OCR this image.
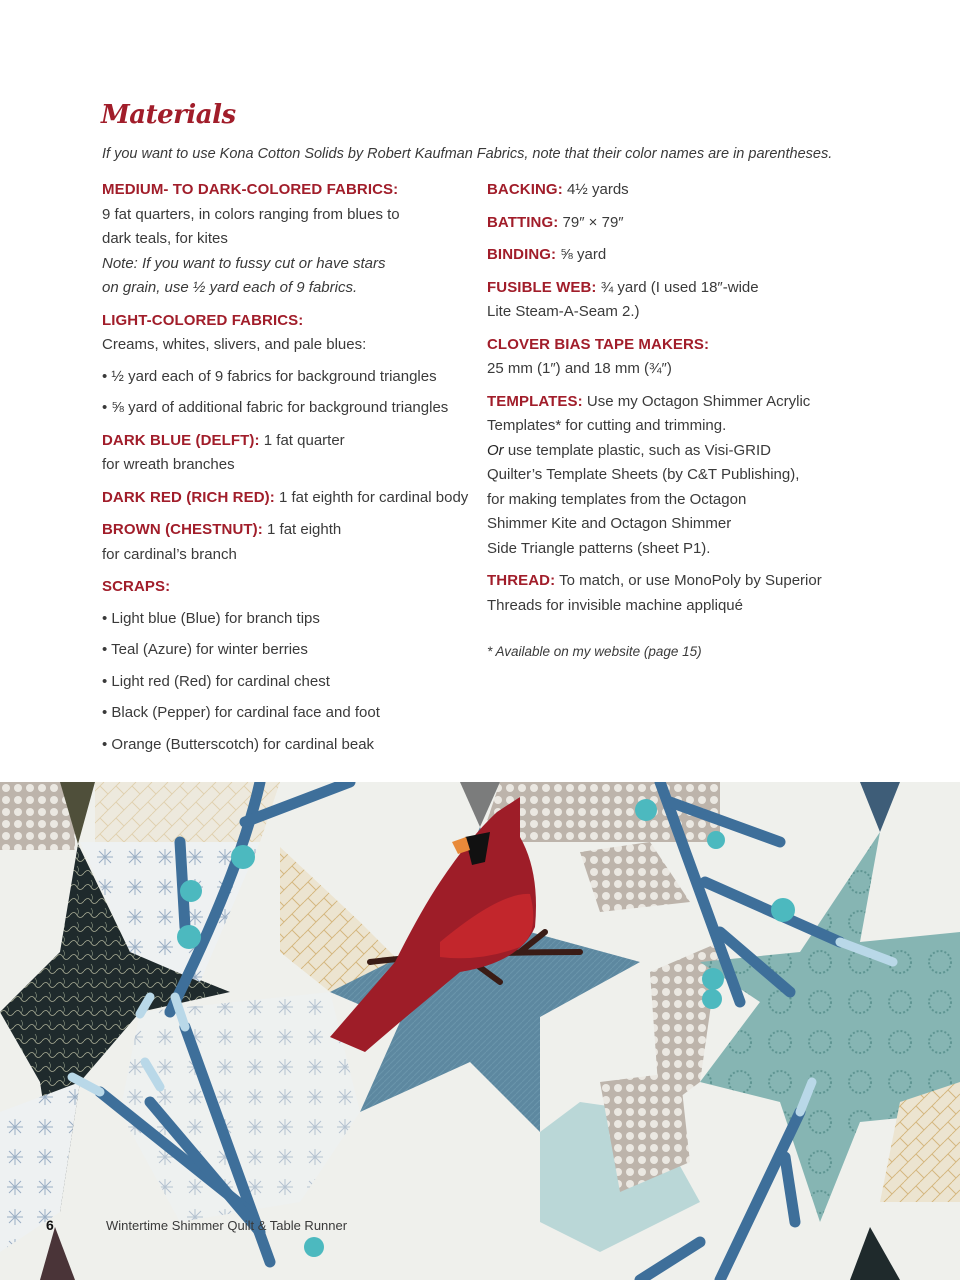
Materials
If you want to use Kona Cotton Solids by Robert Kaufman Fabrics, note that their color names are in parentheses.
MEDIUM- TO DARK-COLORED FABRICS:
9 fat quarters, in colors ranging from blues to
dark teals, for kites
Note: If you want to fussy cut or have stars
on grain, use ½ yard each of 9 fabrics.
LIGHT-COLORED FABRICS:
Creams, whites, slivers, and pale blues:
• ½ yard each of 9 fabrics for background triangles
• ⅝ yard of additional fabric for background triangles
DARK BLUE (DELFT): 1 fat quarter
for wreath branches
DARK RED (RICH RED): 1 fat eighth for cardinal body
BROWN (CHESTNUT): 1 fat eighth
for cardinal’s branch
SCRAPS:
• Light blue (Blue) for branch tips
• Teal (Azure) for winter berries
• Light red (Red) for cardinal chest
• Black (Pepper) for cardinal face and foot
• Orange (Butterscotch) for cardinal beak
BACKING: 4½ yards
BATTING: 79″ × 79″
BINDING: ⅝ yard
FUSIBLE WEB: ¾ yard (I used 18″-wide
Lite Steam-A-Seam 2.)
CLOVER BIAS TAPE MAKERS:
25 mm (1″) and 18 mm (¾″)
TEMPLATES: Use my Octagon Shimmer Acrylic
Templates* for cutting and trimming.
Or use template plastic, such as Visi-GRID
Quilter’s Template Sheets (by C&T Publishing),
for making templates from the Octagon
Shimmer Kite and Octagon Shimmer
Side Triangle patterns (sheet P1).
THREAD: To match, or use MonoPoly by Superior
Threads for invisible machine appliqué
* Available on my website (page 15)
6	Wintertime Shimmer Quilt & Table Runner
